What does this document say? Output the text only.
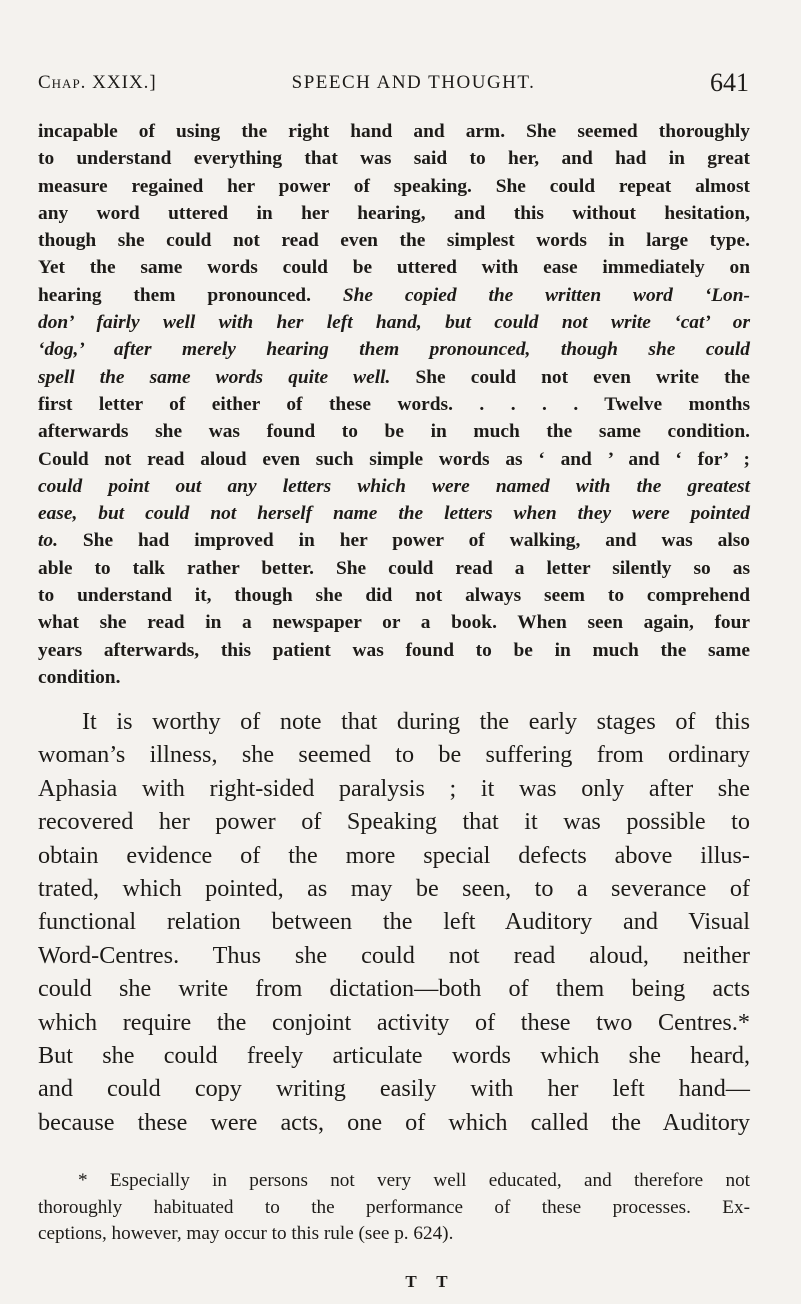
Chap. XXIX.]	SPEECH AND THOUGHT.	641
incapable of using the right hand and arm. She seemed thoroughly
to understand everything that was said to her, and had in great
measure regained her power of speaking. She could repeat almost
any word uttered in her hearing, and this without hesitation,
though she could not read even the simplest words in large type.
Yet the same words could be uttered with ease immediately on
hearing them pronounced. She copied the written word ‘Lon-
don’ fairly well with her left hand, but could not write ‘cat’ or
‘dog,’ after merely hearing them pronounced, though she could
spell the same words quite well. She could not even write the
first letter of either of these words. . . . . Twelve months
afterwards she was found to be in much the same condition.
Could not read aloud even such simple words as ‘ and ’ and ‘ for’ ;
could point out any letters which were named with the greatest
ease, but could not herself name the letters when they were pointed
to. She had improved in her power of walking, and was also
able to talk rather better. She could read a letter silently so as
to understand it, though she did not always seem to comprehend
what she read in a newspaper or a book. When seen again, four
years afterwards, this patient was found to be in much the same
condition.
It is worthy of note that during the early stages of this
woman’s illness, she seemed to be suffering from ordinary
Aphasia with right-sided paralysis ; it was only after she
recovered her power of Speaking that it was possible to
obtain evidence of the more special defects above illus-
trated, which pointed, as may be seen, to a severance of
functional relation between the left Auditory and Visual
Word-Centres. Thus she could not read aloud, neither
could she write from dictation—both of them being acts
which require the conjoint activity of these two Centres.*
But she could freely articulate words which she heard,
and could copy writing easily with her left hand—
because these were acts, one of which called the Auditory
* Especially in persons not very well educated, and therefore not
thoroughly habituated to the performance of these processes. Ex-
ceptions, however, may occur to this rule (see p. 624).
T T
